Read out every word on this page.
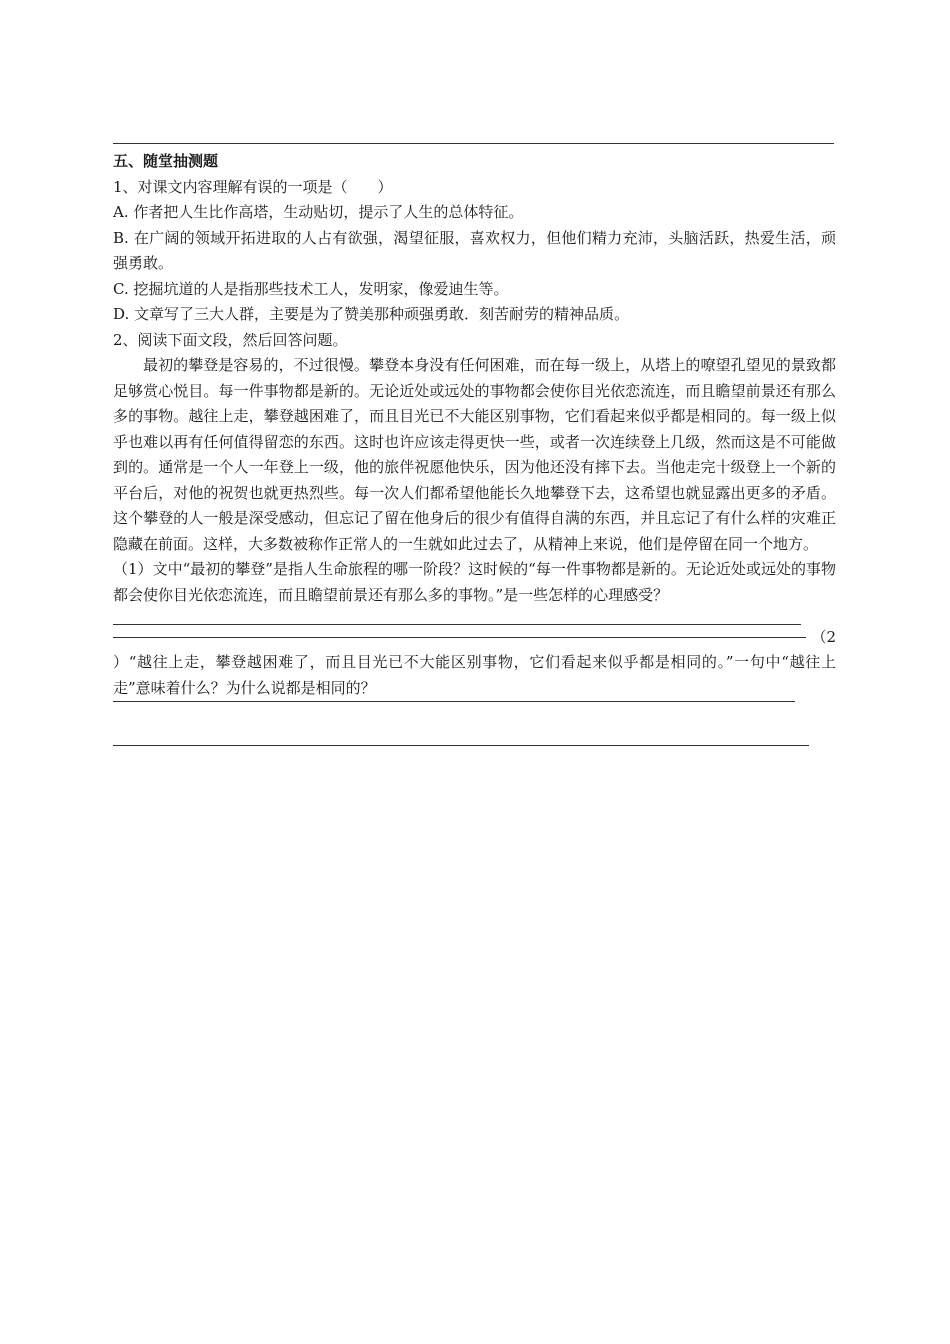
五、随堂抽测题

1、对课文内容理解有误的一项是（　　）

A. 作者把人生比作高塔，生动贴切，提示了人生的总体特征。

B. 在广阔的领域开拓进取的人占有欲强，渴望征服，喜欢权力，但他们精力充沛，头脑活跃，热爱生活，顽强勇敢。

C. 挖掘坑道的人是指那些技术工人，发明家，像爱迪生等。

D. 文章写了三大人群，主要是为了赞美那种顽强勇敢．刻苦耐劳的精神品质。

2、阅读下面文段，然后回答问题。

最初的攀登是容易的，不过很慢。攀登本身没有任何困难，而在每一级上，从塔上的嘹望孔望见的景致都足够赏心悦目。每一件事物都是新的。无论近处或远处的事物都会使你目光依恋流连，而且瞻望前景还有那么多的事物。越往上走，攀登越困难了，而且目光已不大能区别事物，它们看起来似乎都是相同的。每一级上似乎也难以再有任何值得留恋的东西。这时也许应该走得更快一些，或者一次连续登上几级，然而这是不可能做到的。通常是一个人一年登上一级，他的旅伴祝愿他快乐，因为他还没有摔下去。当他走完十级登上一个新的平台后，对他的祝贺也就更热烈些。每一次人们都希望他能长久地攀登下去，这希望也就显露出更多的矛盾。这个攀登的人一般是深受感动，但忘记了留在他身后的很少有值得自满的东西，并且忘记了有什么样的灾难正隐藏在前面。这样，大多数被称作正常人的一生就如此过去了，从精神上来说，他们是停留在同一个地方。

（1）文中“最初的攀登”是指人生命旅程的哪一阶段？这时候的“每一件事物都是新的。无论近处或远处的事物都会使你目光依恋流连，而且瞻望前景还有那么多的事物。”是一些怎样的心理感受？

（2

）“越往上走，攀登越困难了，而且目光已不大能区别事物，它们看起来似乎都是相同的。”一句中“越往上走”意味着什么？为什么说都是相同的？
